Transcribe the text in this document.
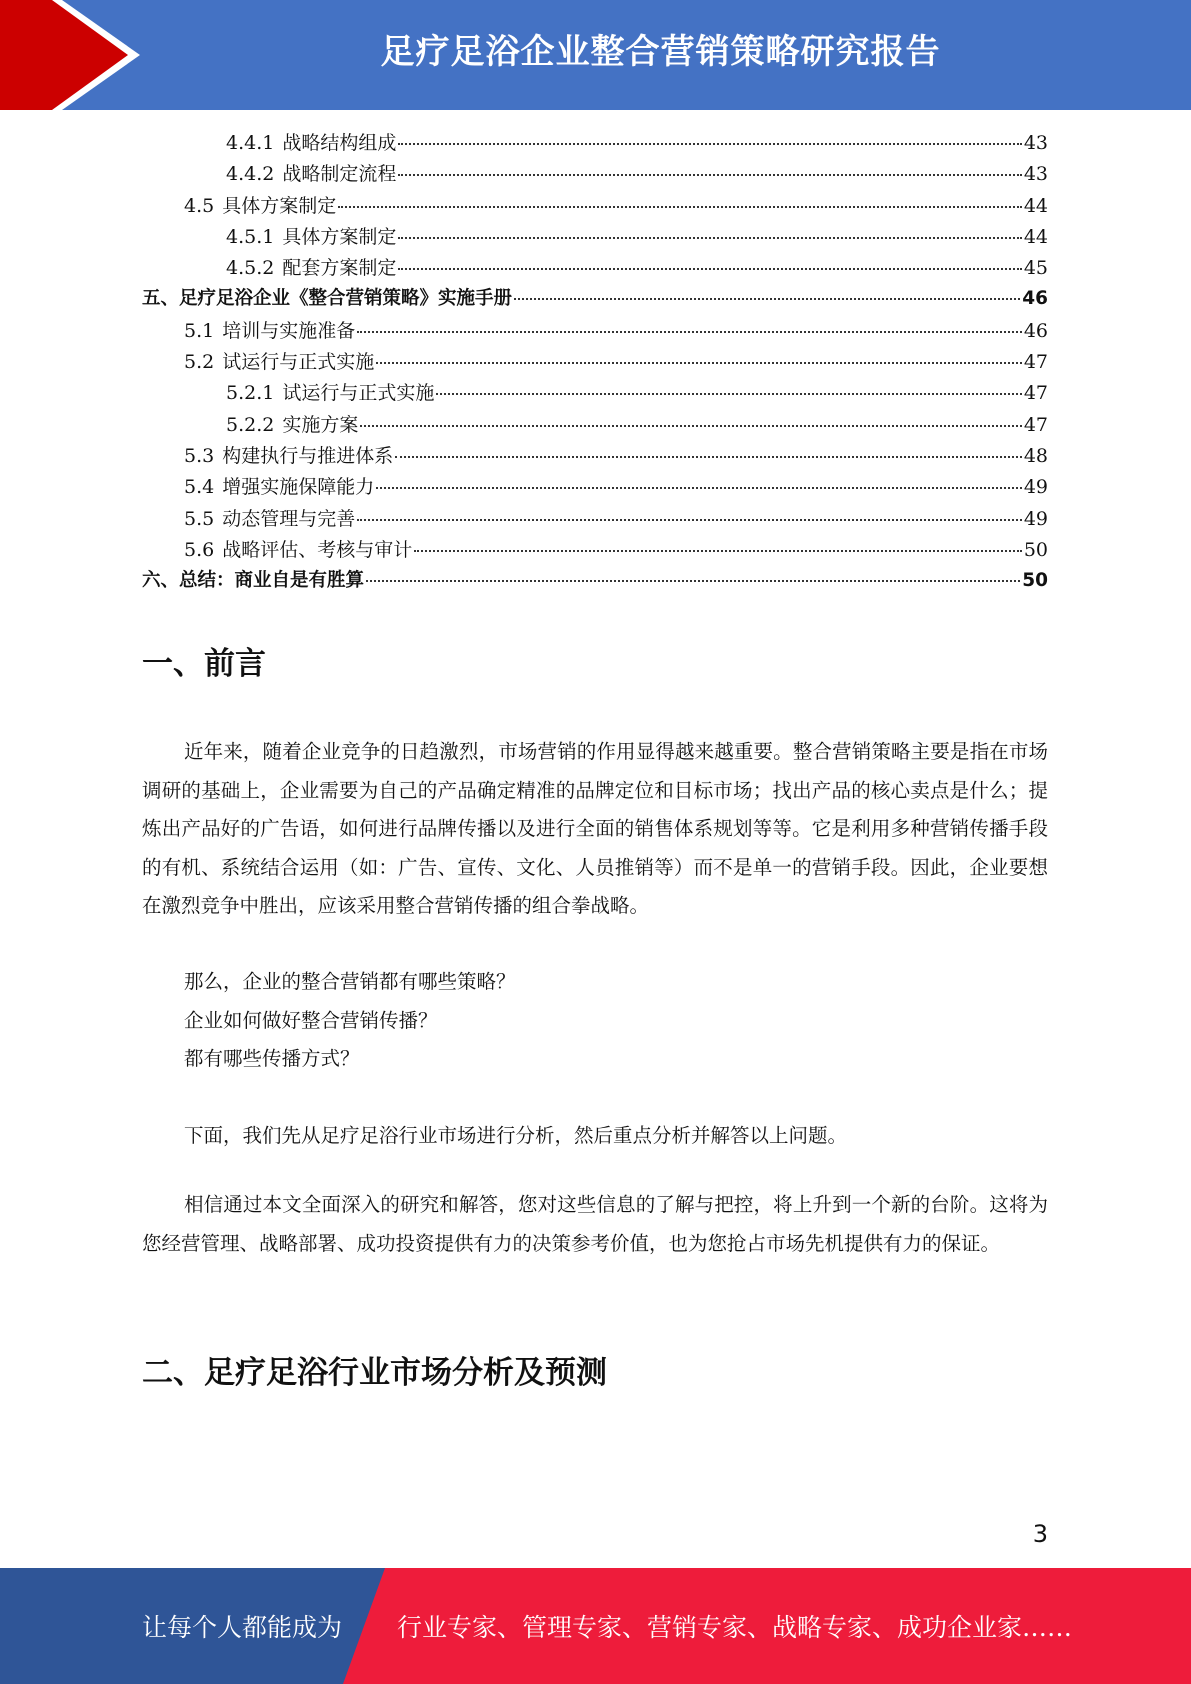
足疗足浴企业整合营销策略研究报告
4.4.1 战略结构组成	43
4.4.2 战略制定流程	43
4.5 具体方案制定	44
4.5.1 具体方案制定	44
4.5.2 配套方案制定	45
五、足疗足浴企业《整合营销策略》实施手册	46
5.1 培训与实施准备	46
5.2 试运行与正式实施	47
5.2.1 试运行与正式实施	47
5.2.2 实施方案	47
5.3 构建执行与推进体系	48
5.4 增强实施保障能力	49
5.5 动态管理与完善	49
5.6 战略评估、考核与审计	50
六、总结：商业自是有胜算	50
一、前言

近年来，随着企业竞争的日趋激烈，市场营销的作用显得越来越重要。整合营销策略主要是指在市场调研的基础上，企业需要为自己的产品确定精准的品牌定位和目标市场；找出产品的核心卖点是什么；提炼出产品好的广告语，如何进行品牌传播以及进行全面的销售体系规划等等。它是利用多种营销传播手段的有机、系统结合运用（如：广告、宣传、文化、人员推销等）而不是单一的营销手段。因此，企业要想在激烈竞争中胜出，应该采用整合营销传播的组合拳战略。

那么，企业的整合营销都有哪些策略？
企业如何做好整合营销传播？
都有哪些传播方式？
下面，我们先从足疗足浴行业市场进行分析，然后重点分析并解答以上问题。

相信通过本文全面深入的研究和解答，您对这些信息的了解与把控，将上升到一个新的台阶。这将为您经营管理、战略部署、成功投资提供有力的决策参考价值，也为您抢占市场先机提供有力的保证。

二、足疗足浴行业市场分析及预测
3
让每个人都能成为 行业专家、管理专家、营销专家、战略专家、成功企业家……
